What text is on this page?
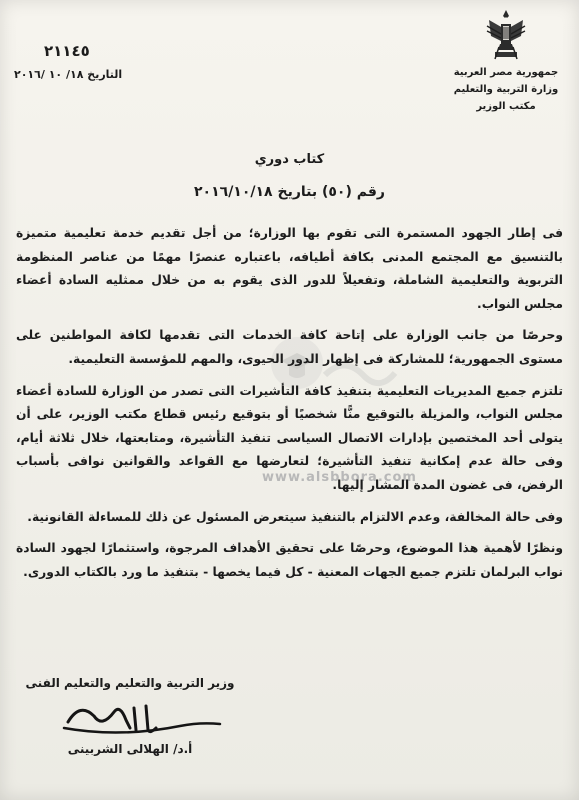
٢١١٤٥
التاريخ ١٨/ ١٠ /٢٠١٦	جمهورية مصر العربية
وزارة التربية والتعليم
مكتب الوزير
كتاب دوري
رقم (٥٠) بتاريخ ٢٠١٦/١٠/١٨
www.alsbbora.com

فى إطار الجهود المستمرة التى تقوم بها الوزارة؛ من أجل تقديم خدمة تعليمية متميزة بالتنسيق مع المجتمع المدنى بكافة أطيافه، باعتباره عنصرًا مهمًا من عناصر المنظومة التربوية والتعليمية الشاملة، وتفعيلاً للدور الذى يقوم به من خلال ممثليه السادة أعضاء مجلس النواب.

وحرصًا من جانب الوزارة على إتاحة كافة الخدمات التى تقدمها لكافة المواطنين على مستوى الجمهورية؛ للمشاركة فى إظهار الدور الحيوى، والمهم للمؤسسة التعليمية.

تلتزم جميع المديريات التعليمية بتنفيذ كافة التأشيرات التى تصدر من الوزارة للسادة أعضاء مجلس النواب، والمزيلة بالتوقيع منًّا شخصيًا أو بتوقيع رئيس قطاع مكتب الوزير، على أن يتولى أحد المختصين بإدارات الاتصال السياسى تنفيذ التأشيرة، ومتابعتها، خلال ثلاثة أيام، وفى حالة عدم إمكانية تنفيذ التأشيرة؛ لتعارضها مع القواعد والقوانين نوافى بأسباب الرفض، فى غضون المدة المشار إليها.

وفى حالة المخالفة، وعدم الالتزام بالتنفيذ سيتعرض المسئول عن ذلك للمساءلة القانونية.

ونظرًا لأهمية هذا الموضوع، وحرصًا على تحقيق الأهداف المرجوة، واستثمارًا لجهود السادة نواب البرلمان تلتزم جميع الجهات المعنية - كل فيما يخصها - بتنفيذ ما ورد بالكتاب الدورى.

وزير التربية والتعليم والتعليم الفنى
أ.د/ الهلالى الشربينى
